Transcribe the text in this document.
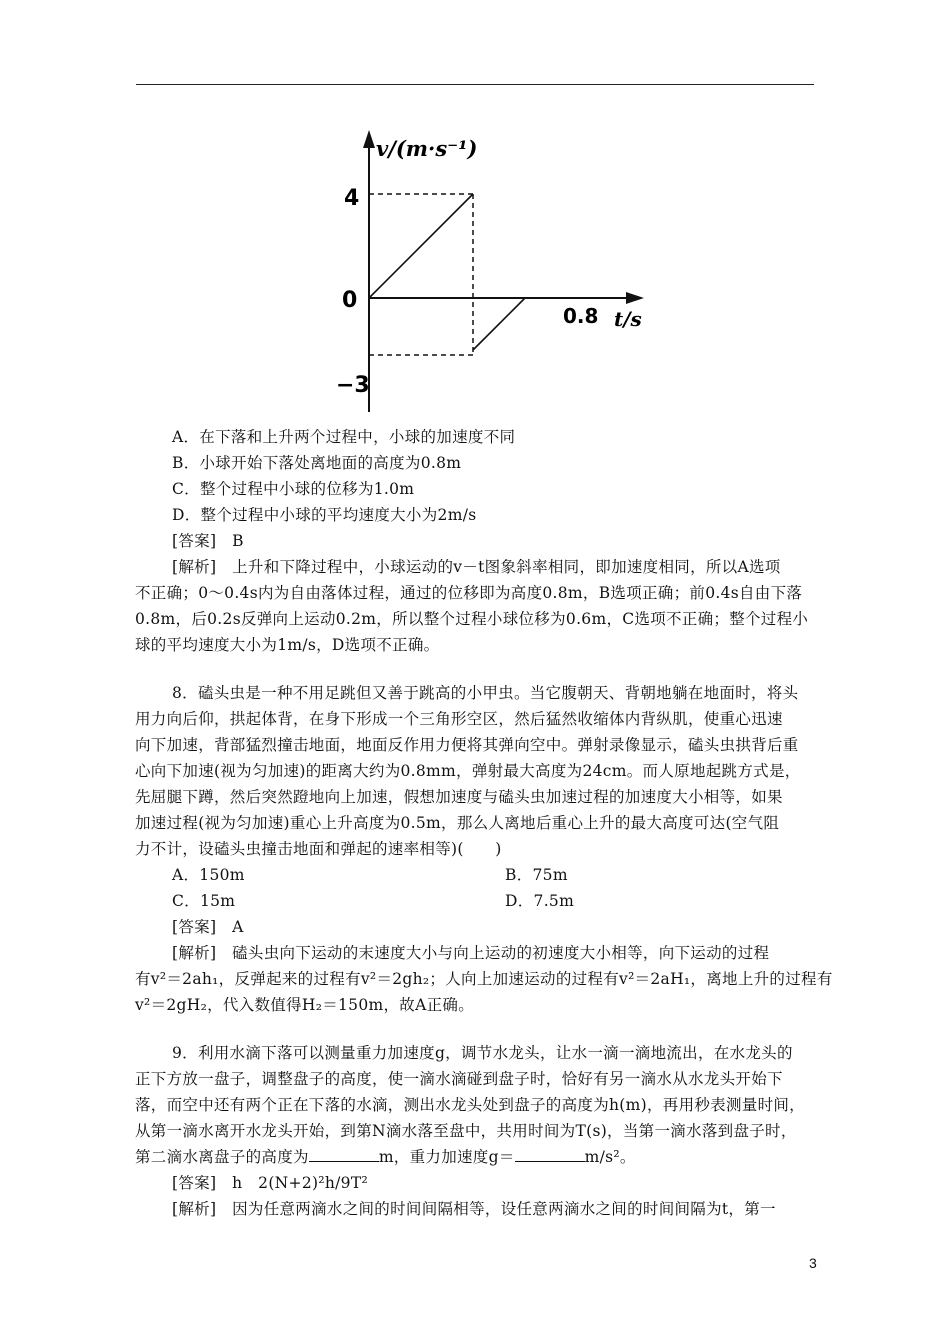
v/(m·s⁻¹)
4
0
−3
0.8 t/s
A．在下落和上升两个过程中，小球的加速度不同
B．小球开始下落处离地面的高度为0.8m
C．整个过程中小球的位移为1.0m
D．整个过程中小球的平均速度大小为2m/s
[答案]　B
[解析]　上升和下降过程中，小球运动的v－t图象斜率相同，即加速度相同，所以A选项
不正确；0～0.4s内为自由落体过程，通过的位移即为高度0.8m，B选项正确；前0.4s自由下落
0.8m，后0.2s反弹向上运动0.2m，所以整个过程小球位移为0.6m，C选项不正确；整个过程小
球的平均速度大小为1m/s，D选项不正确。
8．磕头虫是一种不用足跳但又善于跳高的小甲虫。当它腹朝天、背朝地躺在地面时，将头
用力向后仰，拱起体背，在身下形成一个三角形空区，然后猛然收缩体内背纵肌，使重心迅速
向下加速，背部猛烈撞击地面，地面反作用力便将其弹向空中。弹射录像显示，磕头虫拱背后重
心向下加速(视为匀加速)的距离大约为0.8mm，弹射最大高度为24cm。而人原地起跳方式是，
先屈腿下蹲，然后突然蹬地向上加速，假想加速度与磕头虫加速过程的加速度大小相等，如果
加速过程(视为匀加速)重心上升高度为0.5m，那么人离地后重心上升的最大高度可达(空气阻
力不计，设磕头虫撞击地面和弹起的速率相等)(　　)
A．150m	B．75m
C．15m	D．7.5m
[答案]　A
[解析]　磕头虫向下运动的末速度大小与向上运动的初速度大小相等，向下运动的过程
有v²＝2ah₁，反弹起来的过程有v²＝2gh₂；人向上加速运动的过程有v²＝2aH₁，离地上升的过程有
v²＝2gH₂，代入数值得H₂＝150m，故A正确。
9．利用水滴下落可以测量重力加速度g，调节水龙头，让水一滴一滴地流出，在水龙头的
正下方放一盘子，调整盘子的高度，使一滴水滴碰到盘子时，恰好有另一滴水从水龙头开始下
落，而空中还有两个正在下落的水滴，测出水龙头处到盘子的高度为h(m)，再用秒表测量时间，
从第一滴水离开水龙头开始，到第N滴水落至盘中，共用时间为T(s)，当第一滴水落到盘子时，
第二滴水离盘子的高度为	m，重力加速度g＝	m/s²。
[答案]　h　2(N+2)²h/9T²
[解析]　因为任意两滴水之间的时间间隔相等，设任意两滴水之间的时间间隔为t，第一
3
